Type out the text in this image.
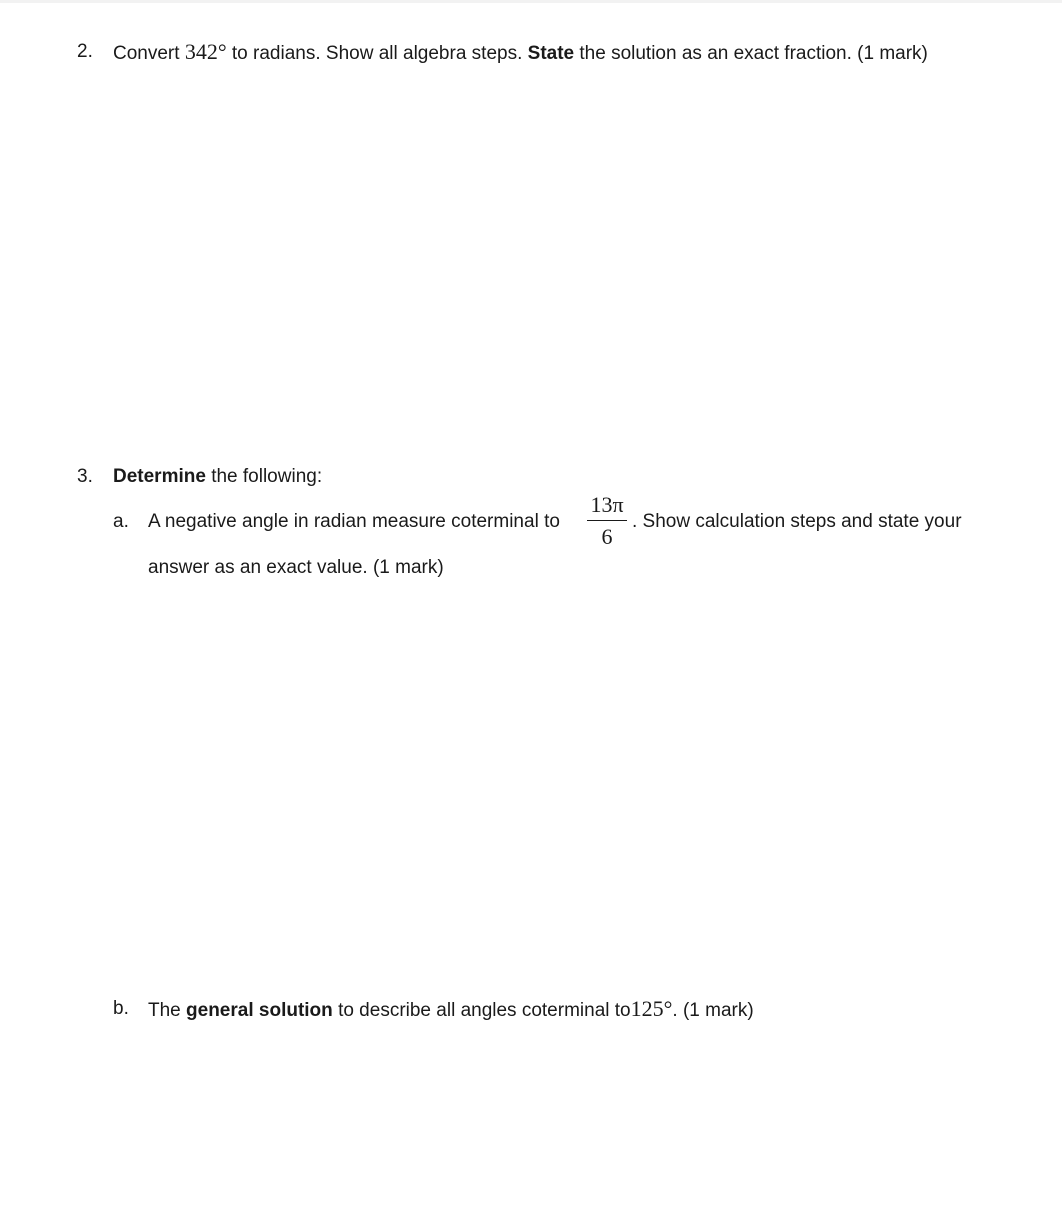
2. Convert 342° to radians. Show all algebra steps. State the solution as an exact fraction. (1 mark)
3. Determine the following:
a. A negative angle in radian measure coterminal to
13π
6
. Show calculation steps and state your
answer as an exact value. (1 mark)
b. The general solution to describe all angles coterminal to125°. (1 mark)
